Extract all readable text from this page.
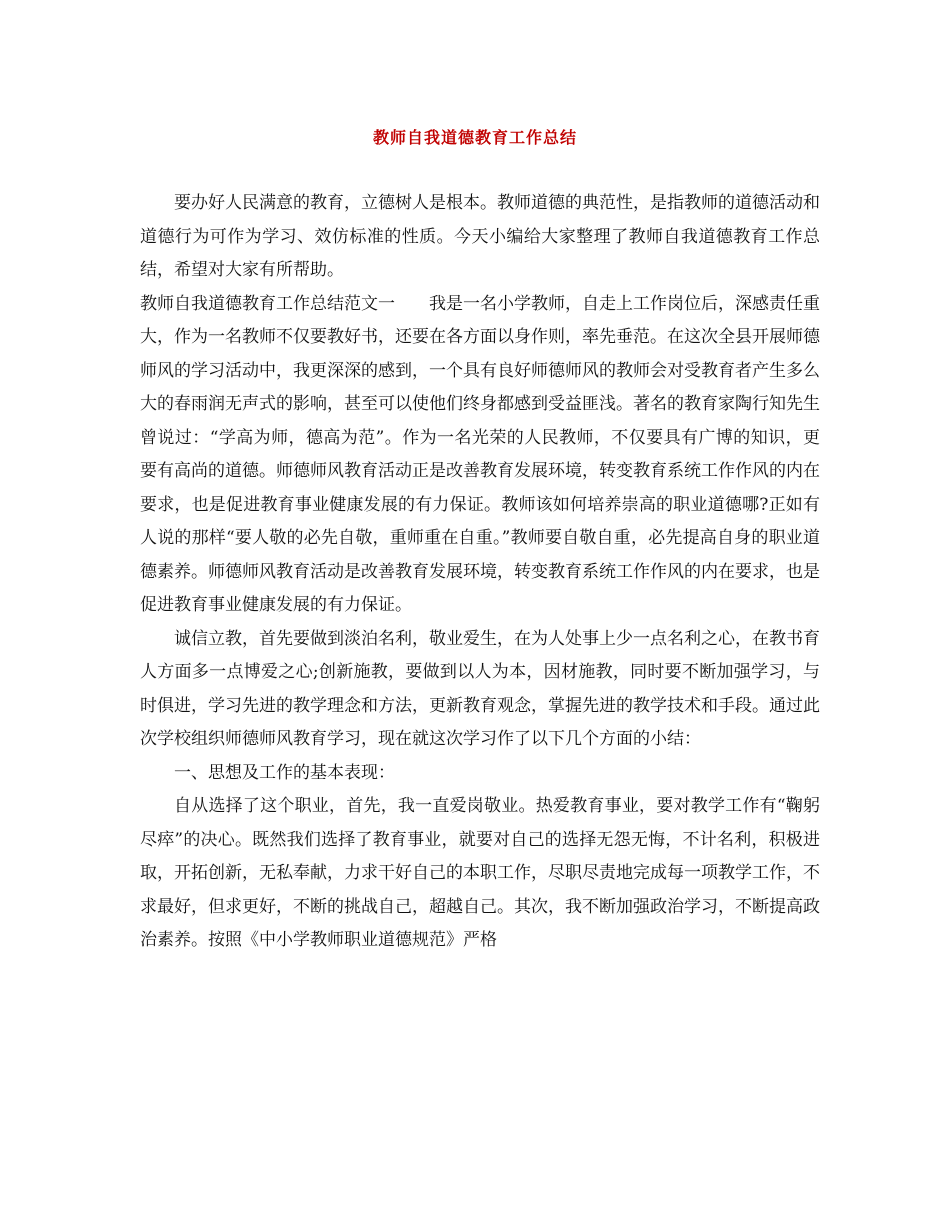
教师自我道德教育工作总结

要办好人民满意的教育，立德树人是根本。教师道德的典范性，是指教师的道德活动和道德行为可作为学习、效仿标准的性质。今天小编给大家整理了教师自我道德教育工作总结，希望对大家有所帮助。

教师自我道德教育工作总结范文一　　我是一名小学教师，自走上工作岗位后，深感责任重大，作为一名教师不仅要教好书，还要在各方面以身作则，率先垂范。在这次全县开展师德师风的学习活动中，我更深深的感到，一个具有良好师德师风的教师会对受教育者产生多么大的春雨润无声式的影响，甚至可以使他们终身都感到受益匪浅。著名的教育家陶行知先生曾说过：“学高为师，德高为范”。作为一名光荣的人民教师，不仅要具有广博的知识，更要有高尚的道德。师德师风教育活动正是改善教育发展环境，转变教育系统工作作风的内在要求，也是促进教育事业健康发展的有力保证。教师该如何培养崇高的职业道德哪?正如有人说的那样“要人敬的必先自敬，重师重在自重。”教师要自敬自重，必先提高自身的职业道德素养。师德师风教育活动是改善教育发展环境，转变教育系统工作作风的内在要求，也是促进教育事业健康发展的有力保证。

诚信立教，首先要做到淡泊名利，敬业爱生，在为人处事上少一点名利之心，在教书育人方面多一点博爱之心;创新施教，要做到以人为本，因材施教，同时要不断加强学习，与时俱进，学习先进的教学理念和方法，更新教育观念，掌握先进的教学技术和手段。通过此次学校组织师德师风教育学习，现在就这次学习作了以下几个方面的小结：

一、思想及工作的基本表现：

自从选择了这个职业，首先，我一直爱岗敬业。热爱教育事业，要对教学工作有“鞠躬尽瘁”的决心。既然我们选择了教育事业，就要对自己的选择无怨无悔，不计名利，积极进取，开拓创新，无私奉献，力求干好自己的本职工作，尽职尽责地完成每一项教学工作，不求最好，但求更好，不断的挑战自己，超越自己。其次，我不断加强政治学习，不断提高政治素养。按照《中小学教师职业道德规范》严格
